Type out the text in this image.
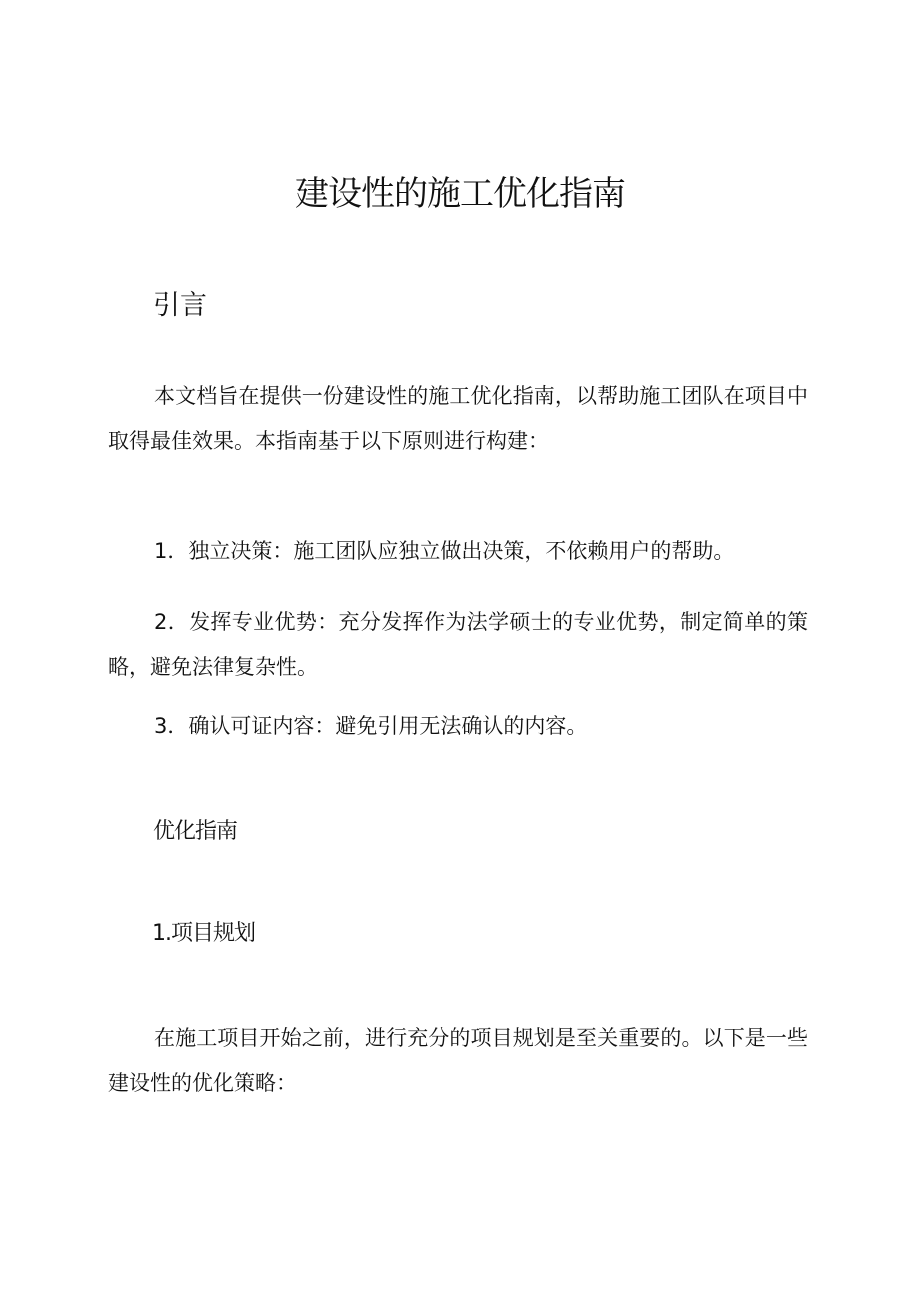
建设性的施工优化指南
引言

本文档旨在提供一份建设性的施工优化指南，以帮助施工团队在项目中取得最佳效果。本指南基于以下原则进行构建：

1．独立决策：施工团队应独立做出决策，不依赖用户的帮助。

2．发挥专业优势：充分发挥作为法学硕士的专业优势，制定简单的策略，避免法律复杂性。

3．确认可证内容：避免引用无法确认的内容。

优化指南
1.项目规划

在施工项目开始之前，进行充分的项目规划是至关重要的。以下是一些建设性的优化策略：
